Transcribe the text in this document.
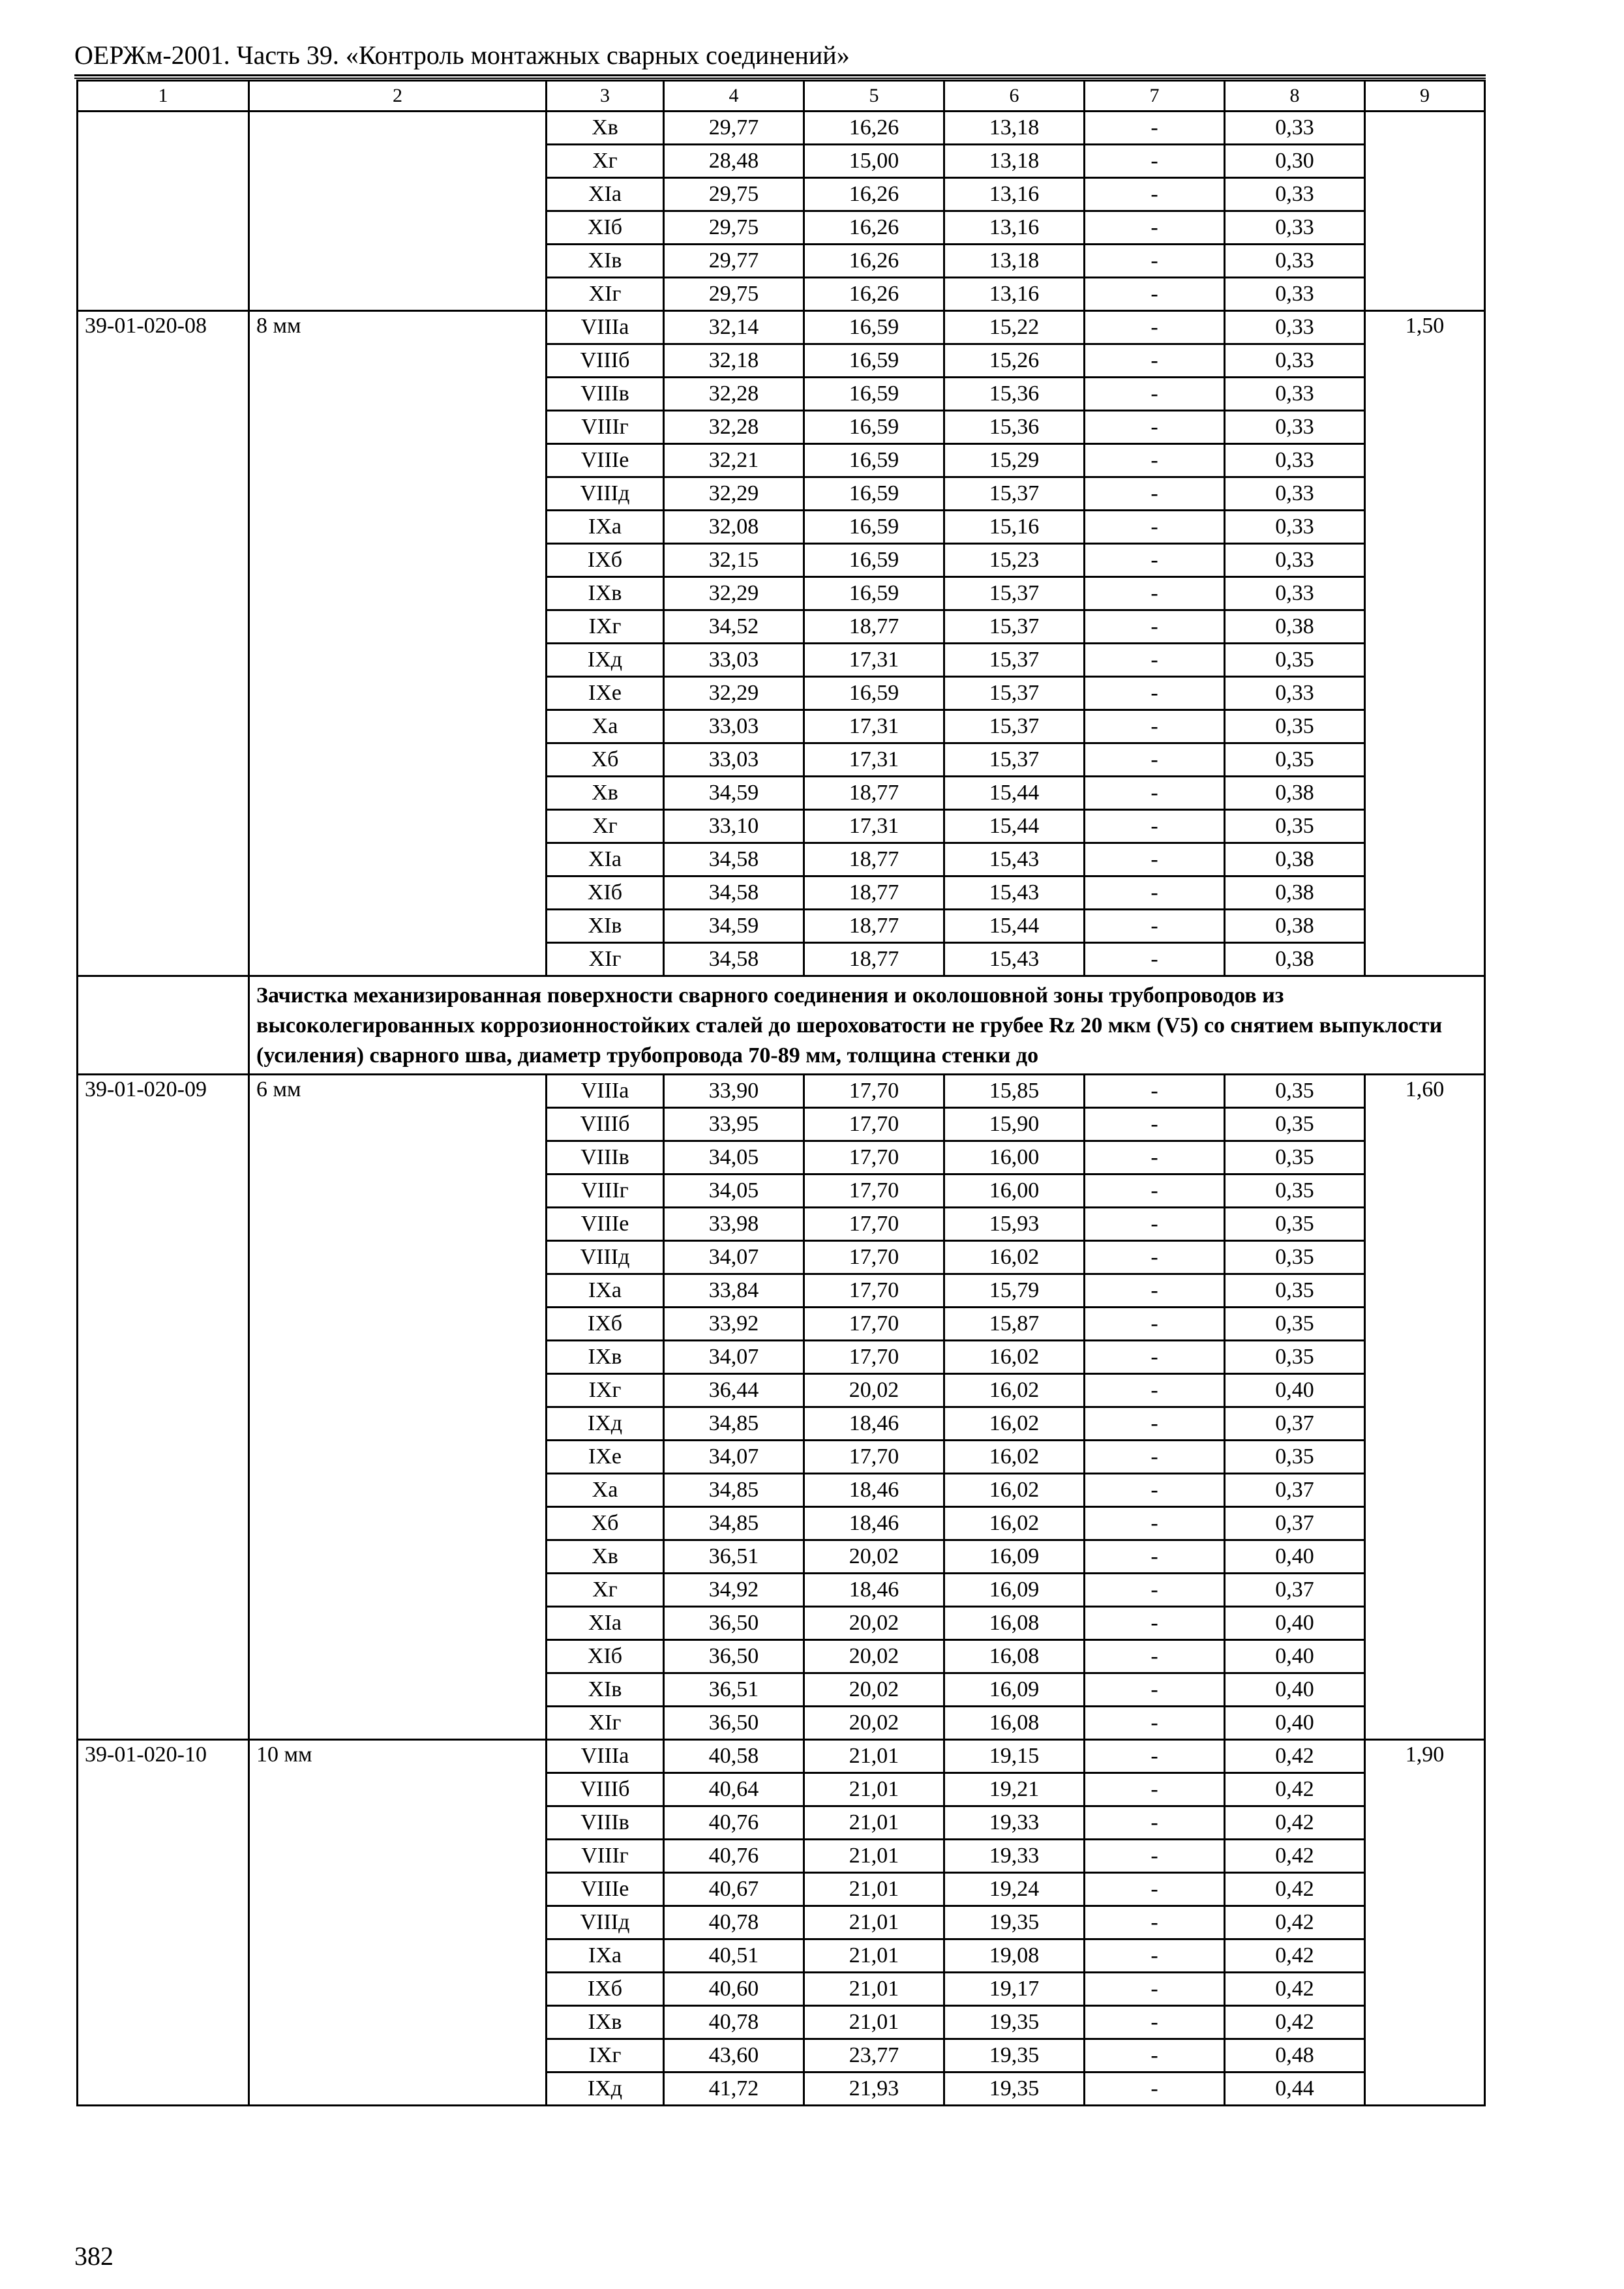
ОЕРЖм-2001. Часть 39. «Контроль монтажных сварных соединений»
1	2	3	4	5	6	7	8	9
		Хв	29,77	16,26	13,18	-	0,33	
		Хг	28,48	15,00	13,18	-	0,30	
		ХIа	29,75	16,26	13,16	-	0,33	
		ХIб	29,75	16,26	13,16	-	0,33	
		ХIв	29,77	16,26	13,18	-	0,33	
		ХIг	29,75	16,26	13,16	-	0,33	
39-01-020-08	8 мм	VIIIа	32,14	16,59	15,22	-	0,33	1,50
		VIIIб	32,18	16,59	15,26	-	0,33	
		VIIIв	32,28	16,59	15,36	-	0,33	
		VIIIг	32,28	16,59	15,36	-	0,33	
		VIIIе	32,21	16,59	15,29	-	0,33	
		VIIIд	32,29	16,59	15,37	-	0,33	
		IХа	32,08	16,59	15,16	-	0,33	
		IХб	32,15	16,59	15,23	-	0,33	
		IХв	32,29	16,59	15,37	-	0,33	
		IХг	34,52	18,77	15,37	-	0,38	
		IХд	33,03	17,31	15,37	-	0,35	
		IХе	32,29	16,59	15,37	-	0,33	
		Ха	33,03	17,31	15,37	-	0,35	
		Хб	33,03	17,31	15,37	-	0,35	
		Хв	34,59	18,77	15,44	-	0,38	
		Хг	33,10	17,31	15,44	-	0,35	
		ХIа	34,58	18,77	15,43	-	0,38	
		ХIб	34,58	18,77	15,43	-	0,38	
		ХIв	34,59	18,77	15,44	-	0,38	
		ХIг	34,58	18,77	15,43	-	0,38	
	Зачистка механизированная поверхности сварного соединения и околошовной зоны трубопроводов из высоколегированных коррозионностойких сталей до шероховатости не грубее Rz 20 мкм (V5) со снятием выпуклости (усиления) сварного шва, диаметр трубопровода 70-89 мм, толщина стенки до							
39-01-020-09	6 мм	VIIIа	33,90	17,70	15,85	-	0,35	1,60
		VIIIб	33,95	17,70	15,90	-	0,35	
		VIIIв	34,05	17,70	16,00	-	0,35	
		VIIIг	34,05	17,70	16,00	-	0,35	
		VIIIе	33,98	17,70	15,93	-	0,35	
		VIIIд	34,07	17,70	16,02	-	0,35	
		IХа	33,84	17,70	15,79	-	0,35	
		IХб	33,92	17,70	15,87	-	0,35	
		IХв	34,07	17,70	16,02	-	0,35	
		IХг	36,44	20,02	16,02	-	0,40	
		IХд	34,85	18,46	16,02	-	0,37	
		IХе	34,07	17,70	16,02	-	0,35	
		Ха	34,85	18,46	16,02	-	0,37	
		Хб	34,85	18,46	16,02	-	0,37	
		Хв	36,51	20,02	16,09	-	0,40	
		Хг	34,92	18,46	16,09	-	0,37	
		ХIа	36,50	20,02	16,08	-	0,40	
		ХIб	36,50	20,02	16,08	-	0,40	
		ХIв	36,51	20,02	16,09	-	0,40	
		ХIг	36,50	20,02	16,08	-	0,40	
39-01-020-10	10 мм	VIIIа	40,58	21,01	19,15	-	0,42	1,90
		VIIIб	40,64	21,01	19,21	-	0,42	
		VIIIв	40,76	21,01	19,33	-	0,42	
		VIIIг	40,76	21,01	19,33	-	0,42	
		VIIIе	40,67	21,01	19,24	-	0,42	
		VIIIд	40,78	21,01	19,35	-	0,42	
		IХа	40,51	21,01	19,08	-	0,42	
		IХб	40,60	21,01	19,17	-	0,42	
		IХв	40,78	21,01	19,35	-	0,42	
		IХг	43,60	23,77	19,35	-	0,48	
		IХд	41,72	21,93	19,35	-	0,44	
382
